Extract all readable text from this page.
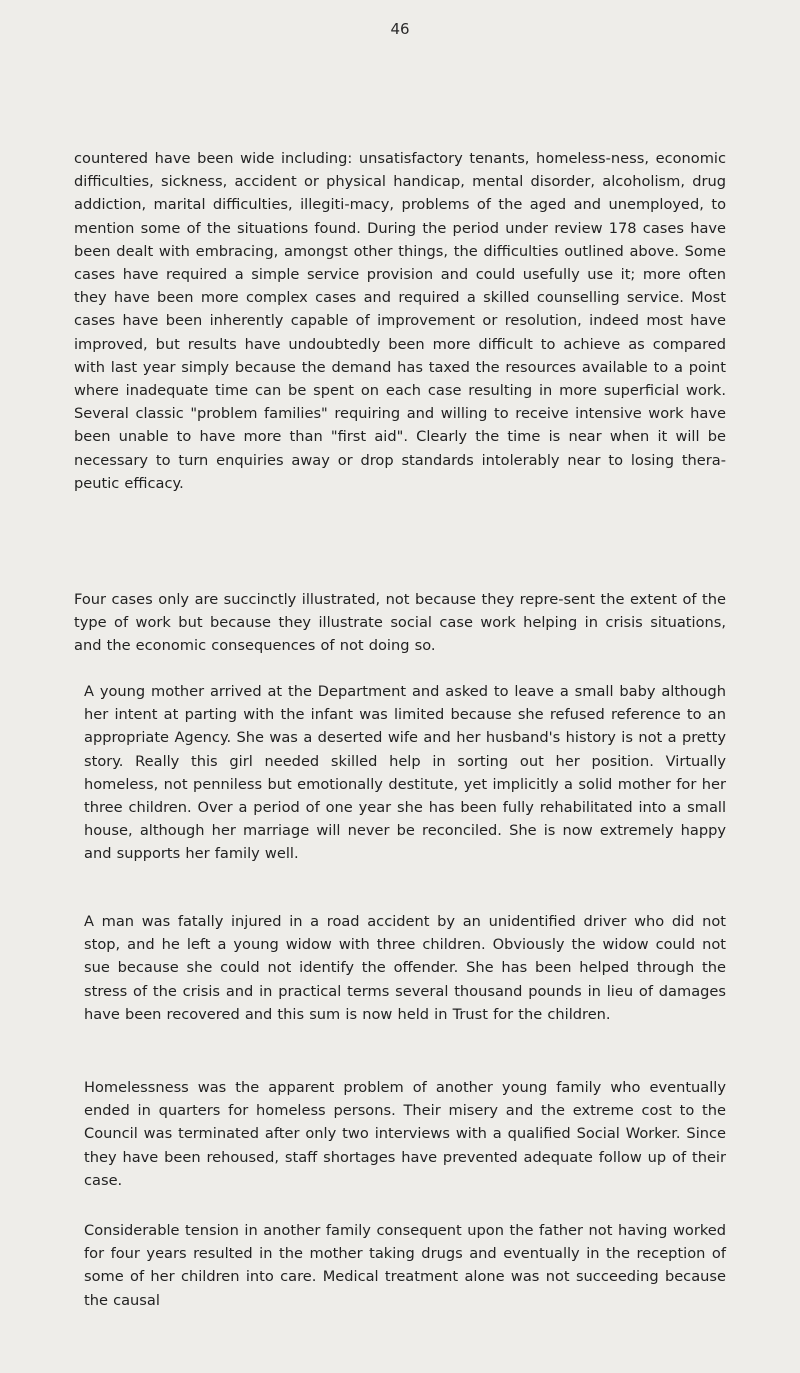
46

countered have been wide including: unsatisfactory tenants, homeless-ness, economic difficulties, sickness, accident or physical handicap, mental disorder, alcoholism, drug addiction, marital difficulties, illegiti-macy, problems of the aged and unemployed, to mention some of the situations found. During the period under review 178 cases have been dealt with embracing, amongst other things, the difficulties outlined above. Some cases have required a simple service provision and could usefully use it; more often they have been more complex cases and required a skilled counselling service. Most cases have been inherently capable of improvement or resolution, indeed most have improved, but results have undoubtedly been more difficult to achieve as compared with last year simply because the demand has taxed the resources available to a point where inadequate time can be spent on each case resulting in more superficial work. Several classic "problem families" requiring and willing to receive intensive work have been unable to have more than "first aid". Clearly the time is near when it will be necessary to turn enquiries away or drop standards intolerably near to losing thera-peutic efficacy.

Four cases only are succinctly illustrated, not because they repre-sent the extent of the type of work but because they illustrate social case work helping in crisis situations, and the economic consequences of not doing so.

A young mother arrived at the Department and asked to leave a small baby although her intent at parting with the infant was limited because she refused reference to an appropriate Agency. She was a deserted wife and her husband's history is not a pretty story. Really this girl needed skilled help in sorting out her position. Virtually homeless, not penniless but emotionally destitute, yet implicitly a solid mother for her three children. Over a period of one year she has been fully rehabilitated into a small house, although her marriage will never be reconciled. She is now extremely happy and supports her family well.

A man was fatally injured in a road accident by an unidentified driver who did not stop, and he left a young widow with three children. Obviously the widow could not sue because she could not identify the offender. She has been helped through the stress of the crisis and in practical terms several thousand pounds in lieu of damages have been recovered and this sum is now held in Trust for the children.

Homelessness was the apparent problem of another young family who eventually ended in quarters for homeless persons. Their misery and the extreme cost to the Council was terminated after only two interviews with a qualified Social Worker. Since they have been rehoused, staff shortages have prevented adequate follow up of their case.

Considerable tension in another family consequent upon the father not having worked for four years resulted in the mother taking drugs and eventually in the reception of some of her children into care. Medical treatment alone was not succeeding because the causal
